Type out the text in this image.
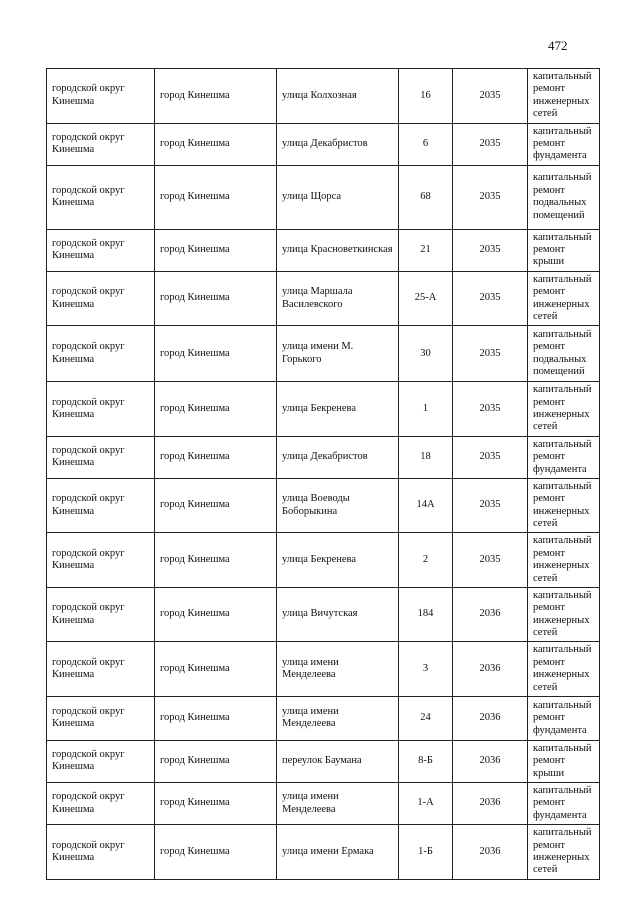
472
городской округ Кинешма	город Кинешма	улица Колхозная	16	2035	капитальный ремонт инженерных сетей
городской округ Кинешма	город Кинешма	улица Декабристов	6	2035	капитальный ремонт фундамента
городской округ Кинешма	город Кинешма	улица Щорса	68	2035	капитальный ремонт подвальных помещений
городской округ Кинешма	город Кинешма	улица Красноветкинская	21	2035	капитальный ремонт крыши
городской округ Кинешма	город Кинешма	улица Маршала Василевского	25-А	2035	капитальный ремонт инженерных сетей
городской округ Кинешма	город Кинешма	улица имени М. Горького	30	2035	капитальный ремонт подвальных помещений
городской округ Кинешма	город Кинешма	улица Бекренева	1	2035	капитальный ремонт инженерных сетей
городской округ Кинешма	город Кинешма	улица Декабристов	18	2035	капитальный ремонт фундамента
городской округ Кинешма	город Кинешма	улица Воеводы Боборыкина	14А	2035	капитальный ремонт инженерных сетей
городской округ Кинешма	город Кинешма	улица Бекренева	2	2035	капитальный ремонт инженерных сетей
городской округ Кинешма	город Кинешма	улица Вичутская	184	2036	капитальный ремонт инженерных сетей
городской округ Кинешма	город Кинешма	улица имени Менделеева	3	2036	капитальный ремонт инженерных сетей
городской округ Кинешма	город Кинешма	улица имени Менделеева	24	2036	капитальный ремонт фундамента
городской округ Кинешма	город Кинешма	переулок Баумана	8-Б	2036	капитальный ремонт крыши
городской округ Кинешма	город Кинешма	улица имени Менделеева	1-А	2036	капитальный ремонт фундамента
городской округ Кинешма	город Кинешма	улица имени Ермака	1-Б	2036	капитальный ремонт инженерных сетей
